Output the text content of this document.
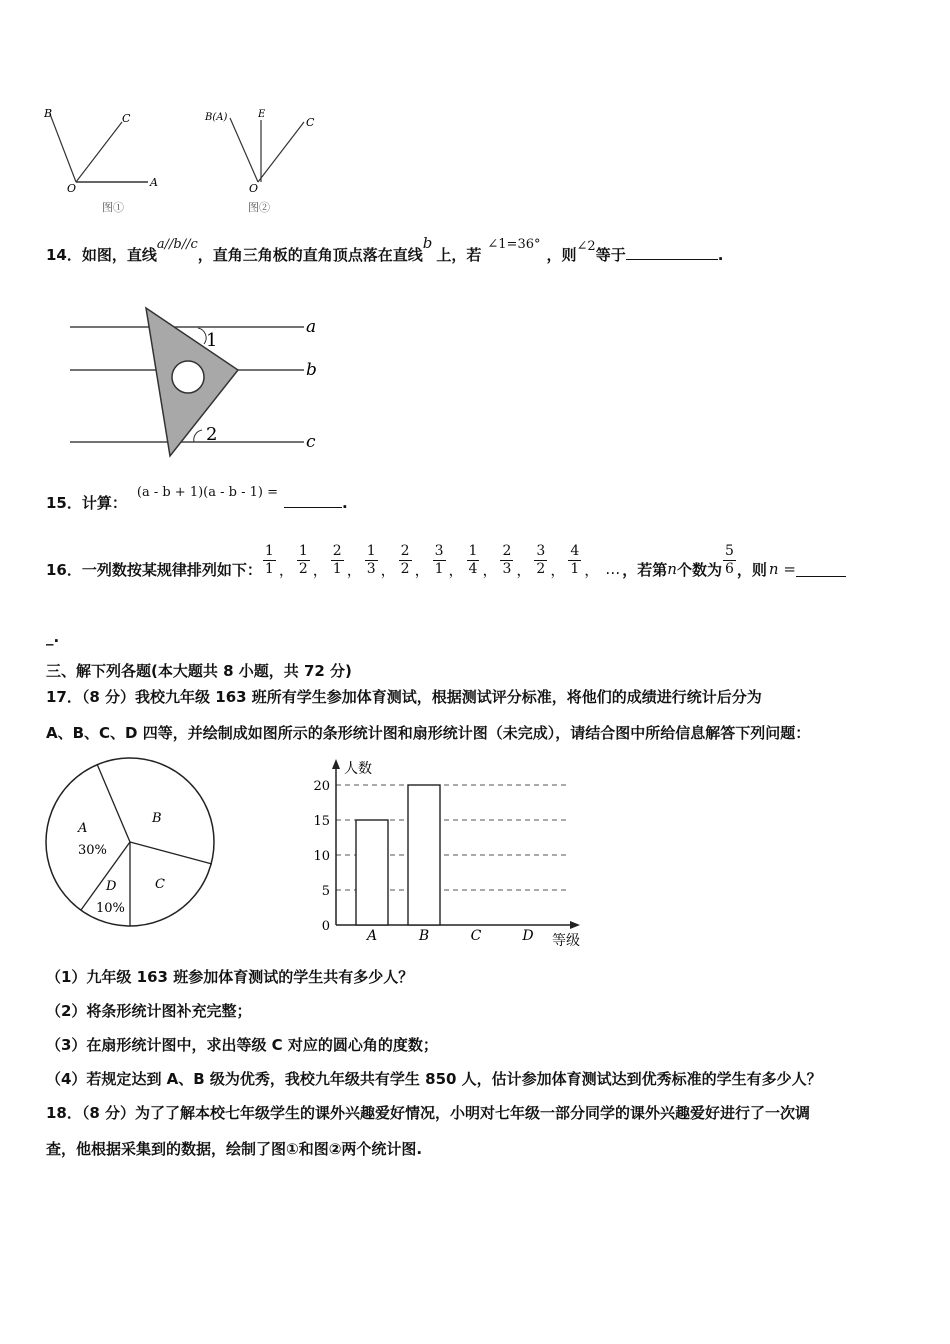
B	C
O	A
图①
B(A)	E
C
O
图②
14．如图，直线a//b//c，直角三角板的直角顶点落在直线b上，若∠1=36°，则∠2等于	.
1
2
a
b
c
15．计算：(a - b + 1)(a - b - 1) =.
16．一列数按某规律排列如下： $\frac{1}{1}$ ， $\frac{1}{2}$ ， $\frac{2}{1}$ ， $\frac{1}{3}$ ， $\frac{2}{2}$ ， $\frac{3}{1}$ ， $\frac{1}{4}$ ， $\frac{2}{3}$ ， $\frac{3}{2}$ ， $\frac{4}{1}$ ， … ，若第 n 个数为 $\frac{5}{6}$ ，则 n =
_.
三、解下列各题(本大题共 8 小题，共 72 分)
17．（8 分）我校九年级 163 班所有学生参加体育测试，根据测试评分标准，将他们的成绩进行统计后分为
A、B、C、D 四等，并绘制成如图所示的条形统计图和扇形统计图（未完成），请结合图中所给信息解答下列问题：
A
30%
B
C
D
10%
0
5
10
15
20
人数
等级
A	B	C	D
（1）九年级 163 班参加体育测试的学生共有多少人？
（2）将条形统计图补充完整；
（3）在扇形统计图中，求出等级 C 对应的圆心角的度数；
（4）若规定达到 A、B 级为优秀，我校九年级共有学生 850 人，估计参加体育测试达到优秀标准的学生有多少人？
18．（8 分）为了了解本校七年级学生的课外兴趣爱好情况，小明对七年级一部分同学的课外兴趣爱好进行了一次调
查，他根据采集到的数据，绘制了图①和图②两个统计图.
